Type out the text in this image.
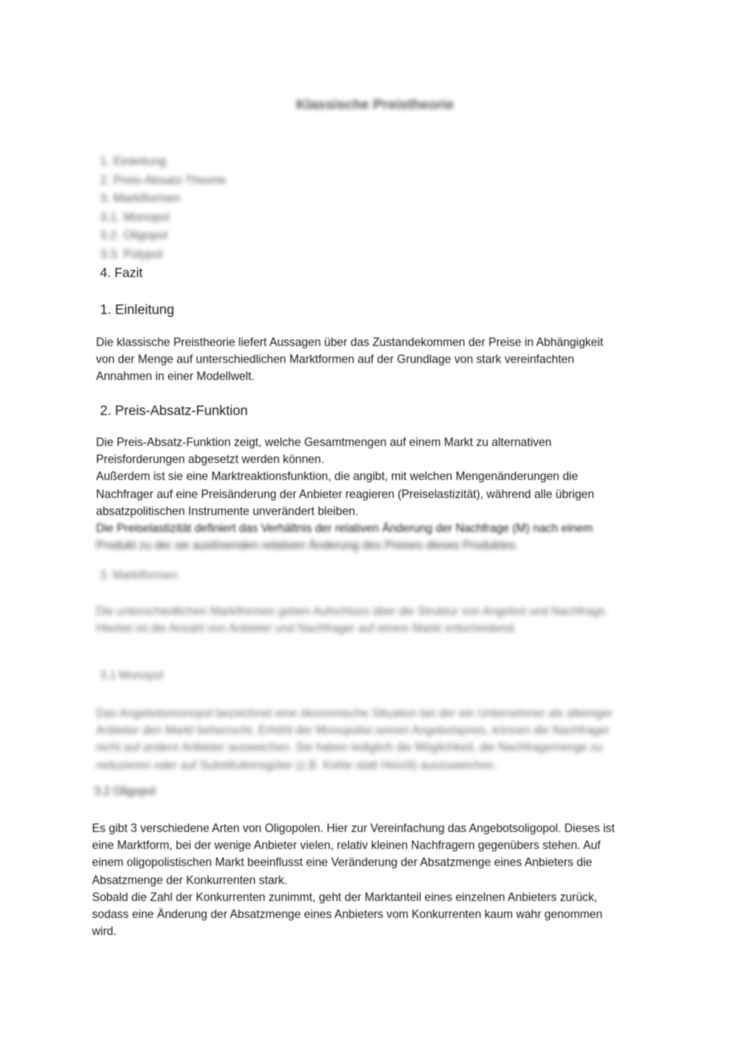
Klassische Preistheorie
1. Einleitung
2. Preis-Absatz-Theorie
3. Marktformen
3.1. Monopol
3.2. Oligopol
3.3. Polypol
4. Fazit
1. Einleitung
Die klassische Preistheorie liefert Aussagen über das Zustandekommen der Preise in Abhängigkeit
von der Menge auf unterschiedlichen Marktformen auf der Grundlage von stark vereinfachten
Annahmen in einer Modellwelt.
2. Preis-Absatz-Funktion
Die Preis-Absatz-Funktion zeigt, welche Gesamtmengen auf einem Markt zu alternativen
Preisforderungen abgesetzt werden können.
Außerdem ist sie eine Marktreaktionsfunktion, die angibt, mit welchen Mengenänderungen die
Nachfrager auf eine Preisänderung der Anbieter reagieren (Preiselastizität), während alle übrigen
absatzpolitischen Instrumente unverändert bleiben.
Die Preiselastizität definiert das Verhältnis der relativen Änderung der Nachfrage (M) nach einem
Produkt zu der sie auslösenden relativen Änderung des Preises dieses Produktes.
3. Marktformen
Die unterschiedlichen Marktformen geben Aufschluss über die Struktur von Angebot und Nachfrage.
Hierbei ist die Anzahl von Anbieter und Nachfrager auf einem Markt entscheidend.
3.1 Monopol
Das Angebotsmonopol bezeichnet eine ökonomische Situation bei der ein Unternehmer als alleiniger
Anbieter den Markt beherrscht. Erhöht der Monopolist seinen Angebotspreis, können die Nachfrager
nicht auf andere Anbieter ausweichen. Sie haben lediglich die Möglichkeit, die Nachfragemenge zu
reduzieren oder auf Substitutionsgüter (z.B. Kohle statt Heizöl) auszuweichen.
3.2 Oligopol
Es gibt 3 verschiedene Arten von Oligopolen. Hier zur Vereinfachung das Angebotsoligopol. Dieses ist
eine Marktform, bei der wenige Anbieter vielen, relativ kleinen Nachfragern gegenübers stehen. Auf
einem oligopolistischen Markt beeinflusst eine Veränderung der Absatzmenge eines Anbieters die
Absatzmenge der Konkurrenten stark.
Sobald die Zahl der Konkurrenten zunimmt, geht der Marktanteil eines einzelnen Anbieters zurück,
sodass eine Änderung der Absatzmenge eines Anbieters vom Konkurrenten kaum wahr genommen
wird.
